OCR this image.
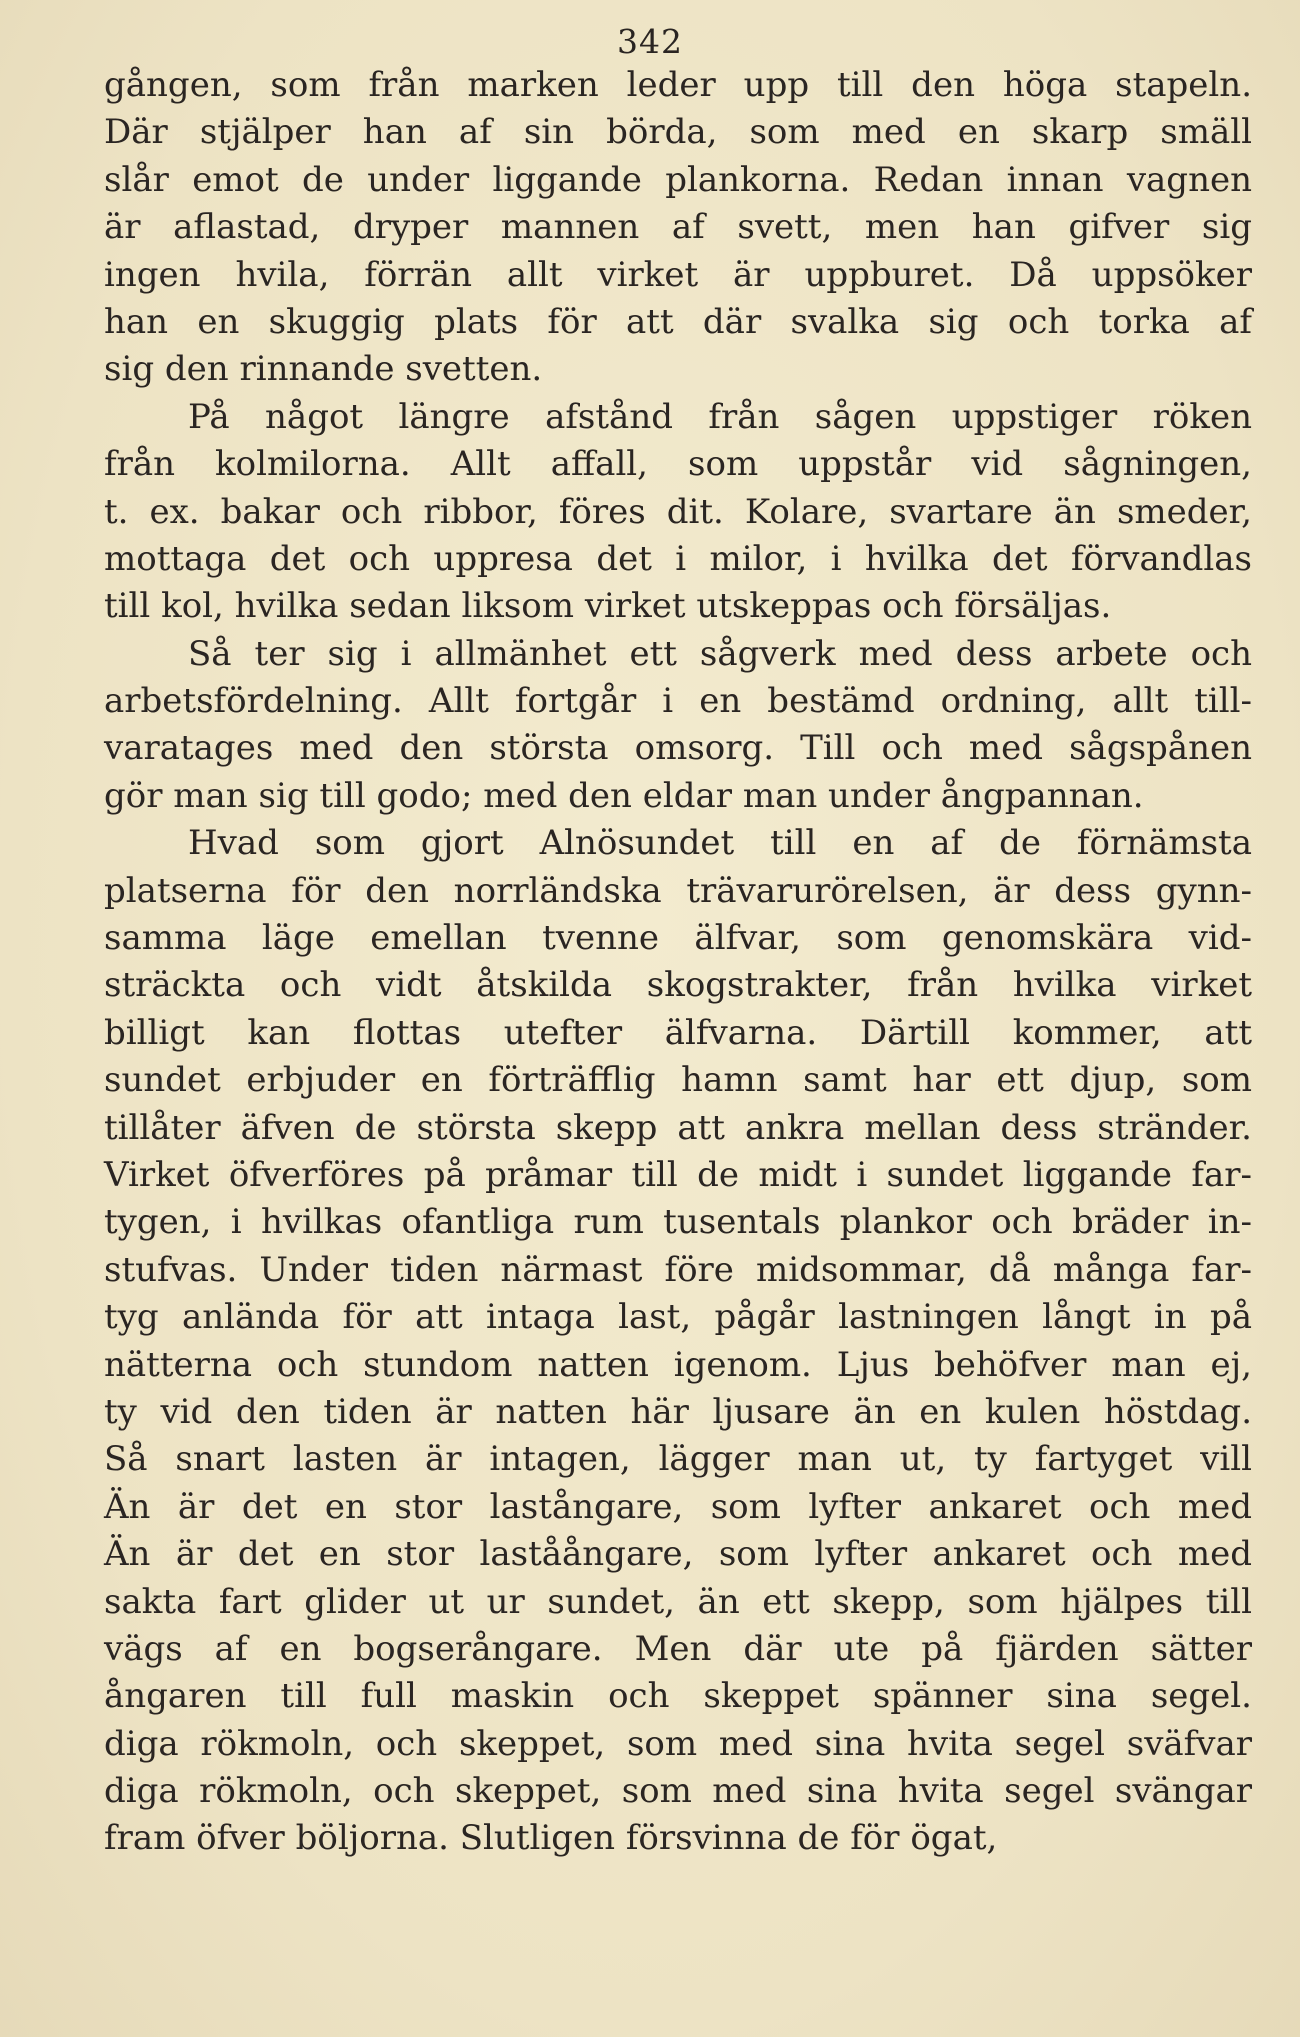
342
gången, som från marken leder upp till den höga stapeln.
Där stjälper han af sin börda, som med en skarp smäll
slår emot de under liggande plankorna. Redan innan vagnen
är aflastad, dryper mannen af svett, men han gifver sig
ingen hvila, förrän allt virket är uppburet. Då uppsöker
han en skuggig plats för att där svalka sig och torka af
sig den rinnande svetten.
På något längre afstånd från sågen uppstiger röken
från kolmilorna. Allt affall, som uppstår vid sågningen,
t. ex. bakar och ribbor, föres dit. Kolare, svartare än smeder,
mottaga det och uppresa det i milor, i hvilka det förvandlas
till kol, hvilka sedan liksom virket utskeppas och försäljas.
Så ter sig i allmänhet ett sågverk med dess arbete och
arbetsfördelning. Allt fortgår i en bestämd ordning, allt till-
varatages med den största omsorg. Till och med sågspånen
gör man sig till godo; med den eldar man under ångpannan.
Hvad som gjort Alnösundet till en af de förnämsta
platserna för den norrländska trävarurörelsen, är dess gynn-
samma läge emellan tvenne älfvar, som genomskära vid-
sträckta och vidt åtskilda skogstrakter, från hvilka virket
billigt kan flottas utefter älfvarna. Därtill kommer, att
sundet erbjuder en förträfflig hamn samt har ett djup, som
tillåter äfven de största skepp att ankra mellan dess stränder.
Virket öfverföres på pråmar till de midt i sundet liggande far-
tygen, i hvilkas ofantliga rum tusentals plankor och bräder in-
stufvas. Under tiden närmast före midsommar, då många far-
tyg anlända för att intaga last, pågår lastningen långt in på
nätterna och stundom natten igenom. Ljus behöfver man ej,
ty vid den tiden är natten här ljusare än en kulen höstdag.
Så snart lasten är intagen, lägger man ut, ty fartyget vill
Än är det en stor lastångare, som lyfter ankaret och med
Än är det en stor laståångare, som lyfter ankaret och med
sakta fart glider ut ur sundet, än ett skepp, som hjälpes till
vägs af en bogserångare. Men där ute på fjärden sätter
ångaren till full maskin och skeppet spänner sina segel.
diga rökmoln, och skeppet, som med sina hvita segel sväfvar
diga rökmoln, och skeppet, som med sina hvita segel svängar
fram öfver böljorna. Slutligen försvinna de för ögat,
